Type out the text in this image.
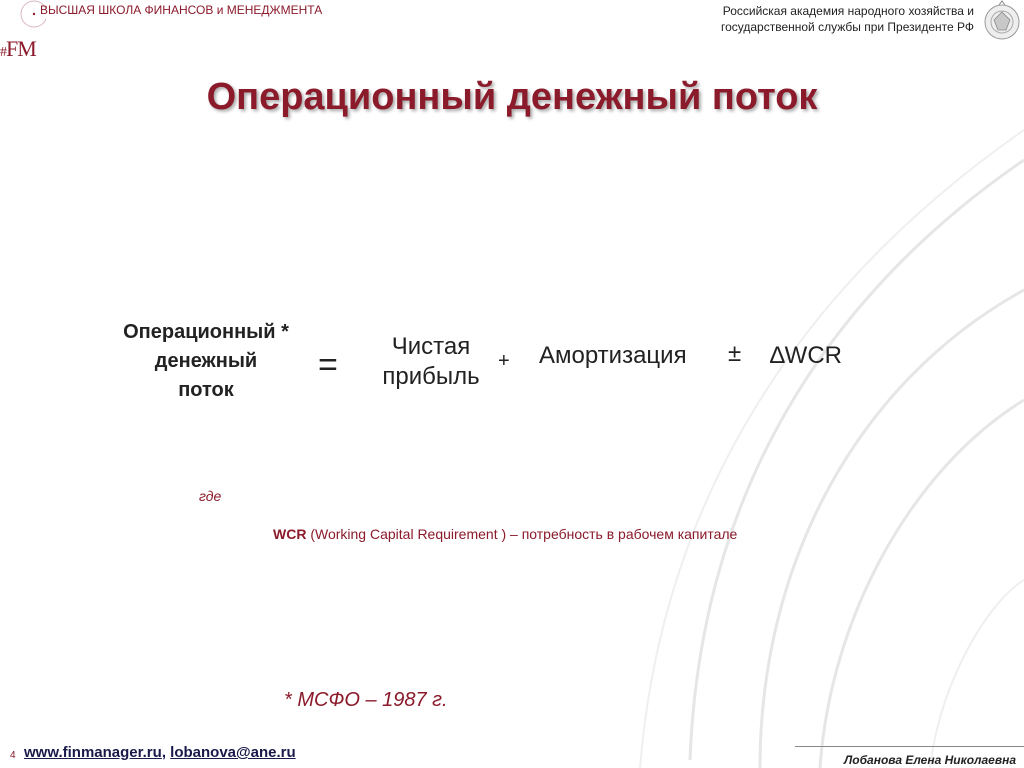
ВЫСШАЯ ШКОЛА ФИНАНСОВ и МЕНЕДЖМЕНТА
#FM
Российская академия народного хозяйства и
государственной службы при Президенте РФ
Операционный денежный поток
Операционный *
денежный
поток
=	Чистая
прибыль
+ Амортизация ± ∆WCR
где
WCR (Working Capital Requirement ) – потребность в рабочем капитале
* МСФО – 1987 г.
4 www.finmanager.ru, lobanova@ane.ru	Лобанова Елена Николаевна
